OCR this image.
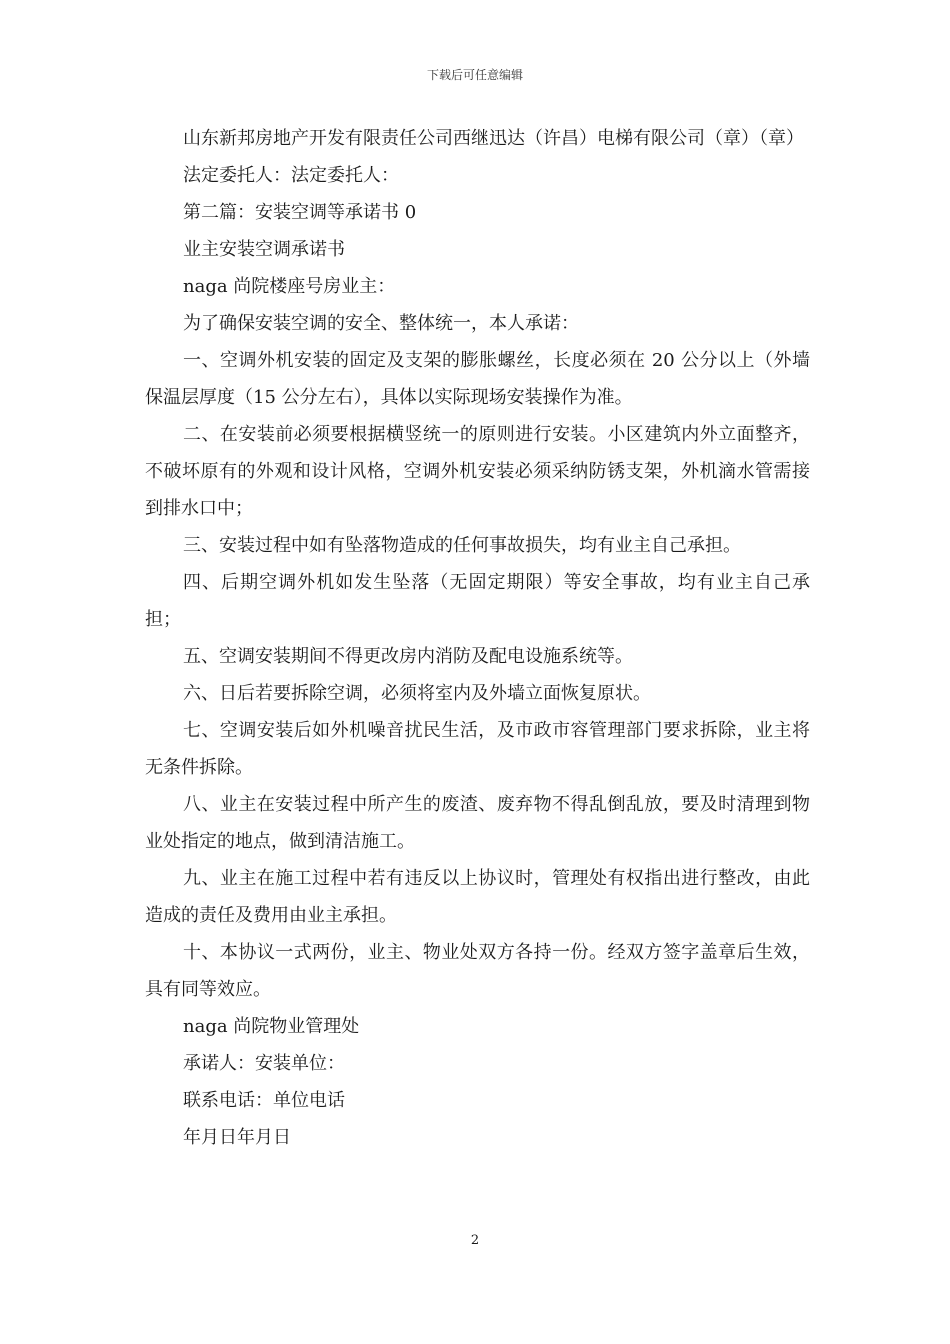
下载后可任意编辑

山东新邦房地产开发有限责任公司西继迅达（许昌）电梯有限公司（章）（章）

法定委托人：法定委托人：

第二篇：安装空调等承诺书 0

业主安装空调承诺书

naga 尚院楼座号房业主：

为了确保安装空调的安全、整体统一，本人承诺：

一、空调外机安装的固定及支架的膨胀螺丝，长度必须在 20 公分以上（外墙保温层厚度（15 公分左右），具体以实际现场安装操作为准。

二、在安装前必须要根据横竖统一的原则进行安装。小区建筑内外立面整齐，不破坏原有的外观和设计风格，空调外机安装必须采纳防锈支架，外机滴水管需接到排水口中；

三、安装过程中如有坠落物造成的任何事故损失，均有业主自己承担。

四、后期空调外机如发生坠落（无固定期限）等安全事故，均有业主自己承担；

五、空调安装期间不得更改房内消防及配电设施系统等。

六、日后若要拆除空调，必须将室内及外墙立面恢复原状。

七、空调安装后如外机噪音扰民生活，及市政市容管理部门要求拆除，业主将无条件拆除。

八、业主在安装过程中所产生的废渣、废弃物不得乱倒乱放，要及时清理到物业处指定的地点，做到清洁施工。

九、业主在施工过程中若有违反以上协议时，管理处有权指出进行整改，由此造成的责任及费用由业主承担。

十、本协议一式两份，业主、物业处双方各持一份。经双方签字盖章后生效，具有同等效应。

naga 尚院物业管理处

承诺人：安装单位：

联系电话：单位电话

年月日年月日

2
